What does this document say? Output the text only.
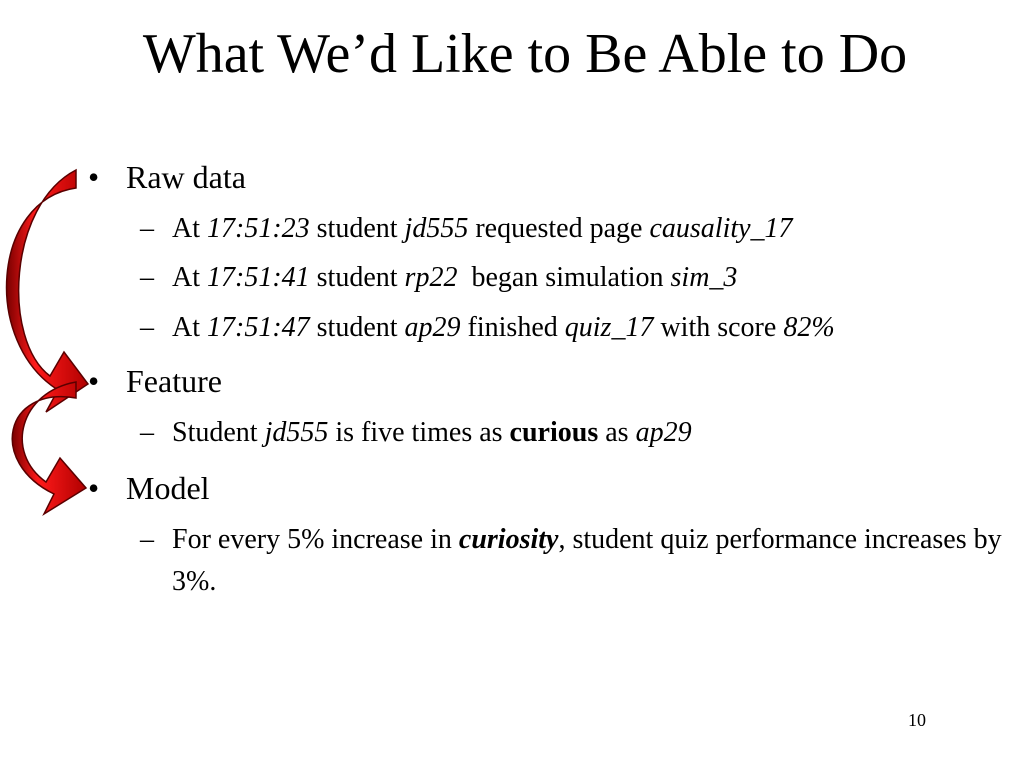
What We’d Like to Be Able to Do
• Raw data
– At 17:51:23 student jd555 requested page causality_17
– At 17:51:41 student rp22 began simulation sim_3
– At 17:51:47 student ap29 finished quiz_17 with score 82%
• Feature
– Student jd555 is five times as curious as ap29
• Model
– For every 5% increase in curiosity, student quiz performance increases by 3%.
10
